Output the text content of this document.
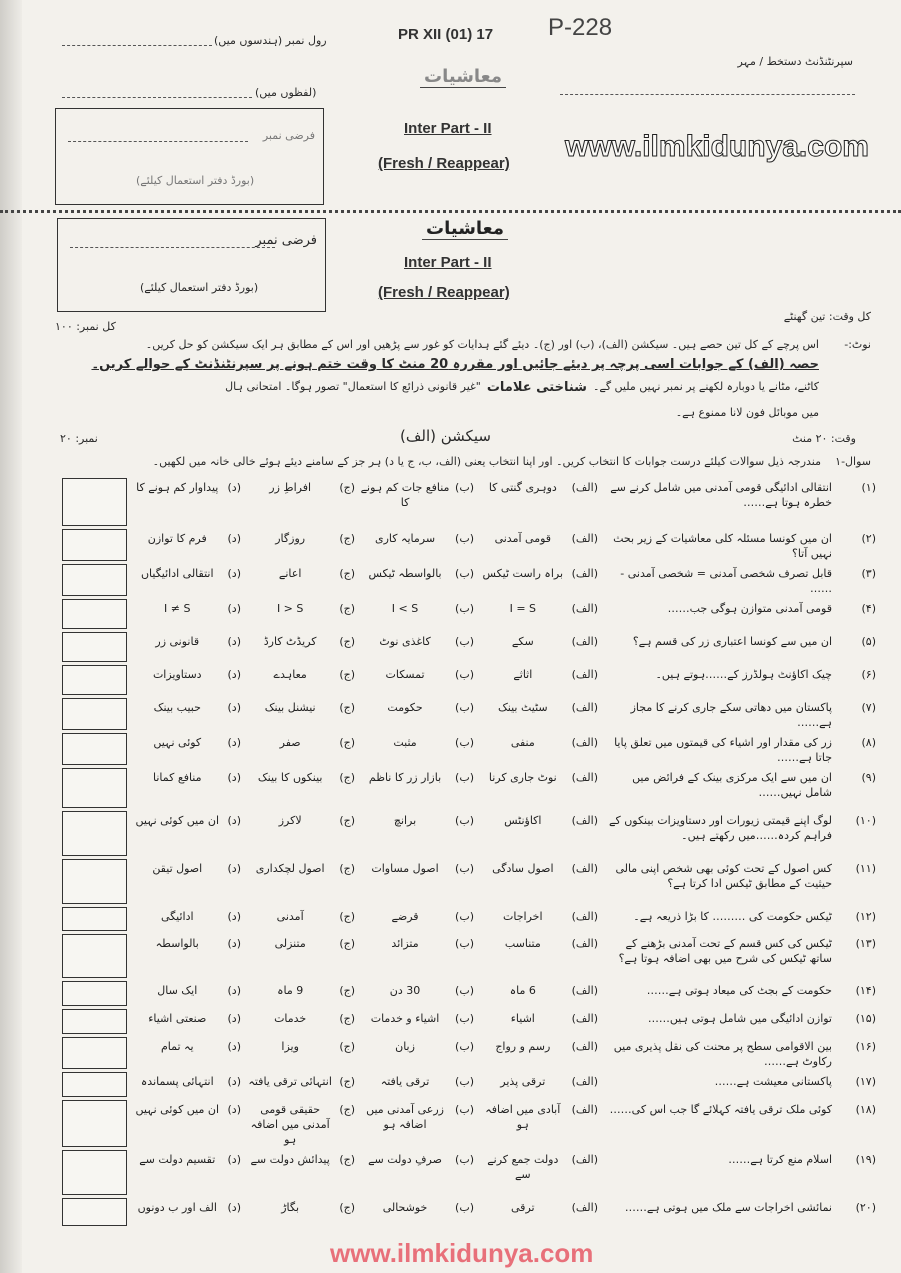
PR XII (01) 17 P-228
رول نمبر (ہندسوں میں)
(لفظوں میں)
سپرنٹنڈنٹ دستخط / مہر
www.ilmkidunya.com
فرضی نمبر
(بورڈ دفتر استعمال کیلئے)
معاشیات
Inter Part - II
(Fresh / Reappear)
فرضی نمبر
(بورڈ دفتر استعمال کیلئے)
معاشیات
Inter Part - II
(Fresh / Reappear)
کل وقت: تین گھنٹے
کل نمبر: ۱۰۰
نوٹ:-
اس پرچے کے کل تین حصے ہیں۔ سیکشن (الف)، (ب) اور (ج)۔ دیئے گئے ہدایات کو غور سے پڑھیں اور اس کے مطابق ہر ایک سیکشن کو حل کریں۔
حصہ (الف) کے جوابات اسی پرچہ پر دیئے جائیں اور مقررہ 20 منٹ کا وقت ختم ہونے پر سپرنٹنڈنٹ کے حوالے کریں۔
کاٹنے، مٹانے یا دوبارہ لکھنے پر نمبر نہیں ملیں گے۔
شناختی علامات
"غیر قانونی ذرائع کا استعمال" تصور ہوگا۔ امتحانی ہال
میں موبائل فون لانا ممنوع ہے۔
وقت: ۲۰ منٹ
سیکشن (الف)
نمبر: ۲۰
سوال-۱
مندرجہ ذیل سوالات کیلئے درست جوابات کا انتخاب کریں۔ اور اپنا انتخاب یعنی (الف، ب، ج یا د) ہر جز کے سامنے دیئے ہوئے خالی خانہ میں لکھیں۔
(۱)
انتقالی ادائیگی قومی آمدنی میں شامل کرنے سے خطرہ ہوتا ہے……
(الف)
دوہری گنتی کا
(ب)
منافع جات کم ہونے کا
(ج)
افراطِ زر
(د)
پیداوار کم ہونے کا
(۲)
ان میں کونسا مسئلہ کلی معاشیات کے زیر بحث نہیں آتا؟
(الف)
قومی آمدنی
(ب)
سرمایہ کاری
(ج)
روزگار
(د)
فرم کا توازن
(۳)
قابل تصرف شخصی آمدنی = شخصی آمدنی - ……
(الف)
براہ راست ٹیکس
(ب)
بالواسطہ ٹیکس
(ج)
اعانے
(د)
انتقالی ادائیگیاں
(۴)
قومی آمدنی متوازن ہوگی جب……
(الف)
I = S
(ب)
I < S
(ج)
I > S
(د)
I ≠ S
(۵)
ان میں سے کونسا اعتباری زر کی قسم ہے؟
(الف)
سکے
(ب)
کاغذی نوٹ
(ج)
کریڈٹ کارڈ
(د)
قانونی زر
(۶)
چیک اکاؤنٹ ہولڈرز کے……ہوتے ہیں۔
(الف)
اثاثے
(ب)
تمسکات
(ج)
معاہدے
(د)
دستاویزات
(۷)
پاکستان میں دھاتی سکے جاری کرنے کا مجاز ہے……
(الف)
سٹیٹ بینک
(ب)
حکومت
(ج)
نیشنل بینک
(د)
حبیب بینک
(۸)
زر کی مقدار اور اشیاء کی قیمتوں میں تعلق پایا جاتا ہے……
(الف)
منفی
(ب)
مثبت
(ج)
صفر
(د)
کوئی نہیں
(۹)
ان میں سے ایک مرکزی بینک کے فرائض میں شامل نہیں……
(الف)
نوٹ جاری کرنا
(ب)
بازار زر کا ناظم
(ج)
بینکوں کا بینک
(د)
منافع کمانا
(۱۰)
لوگ اپنے قیمتی زیورات اور دستاویزات بینکوں کے فراہم کردہ……میں رکھتے ہیں۔
(الف)
اکاؤنٹس
(ب)
برانچ
(ج)
لاکرز
(د)
ان میں کوئی نہیں
(۱۱)
کس اصول کے تحت کوئی بھی شخص اپنی مالی حیثیت کے مطابق ٹیکس ادا کرتا ہے؟
(الف)
اصول سادگی
(ب)
اصول مساوات
(ج)
اصول لچکداری
(د)
اصول تیقن
(۱۲)
ٹیکس حکومت کی ……… کا بڑا ذریعہ ہے۔
(الف)
اخراجات
(ب)
قرضے
(ج)
آمدنی
(د)
ادائیگی
(۱۳)
ٹیکس کی کس قسم کے تحت آمدنی بڑھنے کے ساتھ ٹیکس کی شرح میں بھی اضافہ ہوتا ہے؟
(الف)
متناسب
(ب)
متزائد
(ج)
متنزلی
(د)
بالواسطہ
(۱۴)
حکومت کے بجٹ کی میعاد ہوتی ہے……
(الف)
6 ماہ
(ب)
30 دن
(ج)
9 ماہ
(د)
ایک سال
(۱۵)
توازن ادائیگی میں شامل ہوتی ہیں……
(الف)
اشیاء
(ب)
اشیاء و خدمات
(ج)
خدمات
(د)
صنعتی اشیاء
(۱۶)
بین الاقوامی سطح پر محنت کی نقل پذیری میں رکاوٹ ہے……
(الف)
رسم و رواج
(ب)
زبان
(ج)
ویزا
(د)
یہ تمام
(۱۷)
پاکستانی معیشت ہے……
(الف)
ترقی پذیر
(ب)
ترقی یافتہ
(ج)
انتہائی ترقی یافتہ
(د)
انتہائی پسماندہ
(۱۸)
کوئی ملک ترقی یافتہ کہلائے گا جب اس کی……
(الف)
آبادی میں اضافہ ہو
(ب)
زرعی آمدنی میں اضافہ ہو
(ج)
حقیقی قومی آمدنی میں اضافہ ہو
(د)
ان میں کوئی نہیں
(۱۹)
اسلام منع کرتا ہے……
(الف)
دولت جمع کرنے سے
(ب)
صرفِ دولت سے
(ج)
پیدائش دولت سے
(د)
تقسیم دولت سے
(۲۰)
نمائشی اخراجات سے ملک میں ہوتی ہے……
(الف)
ترقی
(ب)
خوشحالی
(ج)
بگاڑ
(د)
الف اور ب دونوں
www.ilmkidunya.com
